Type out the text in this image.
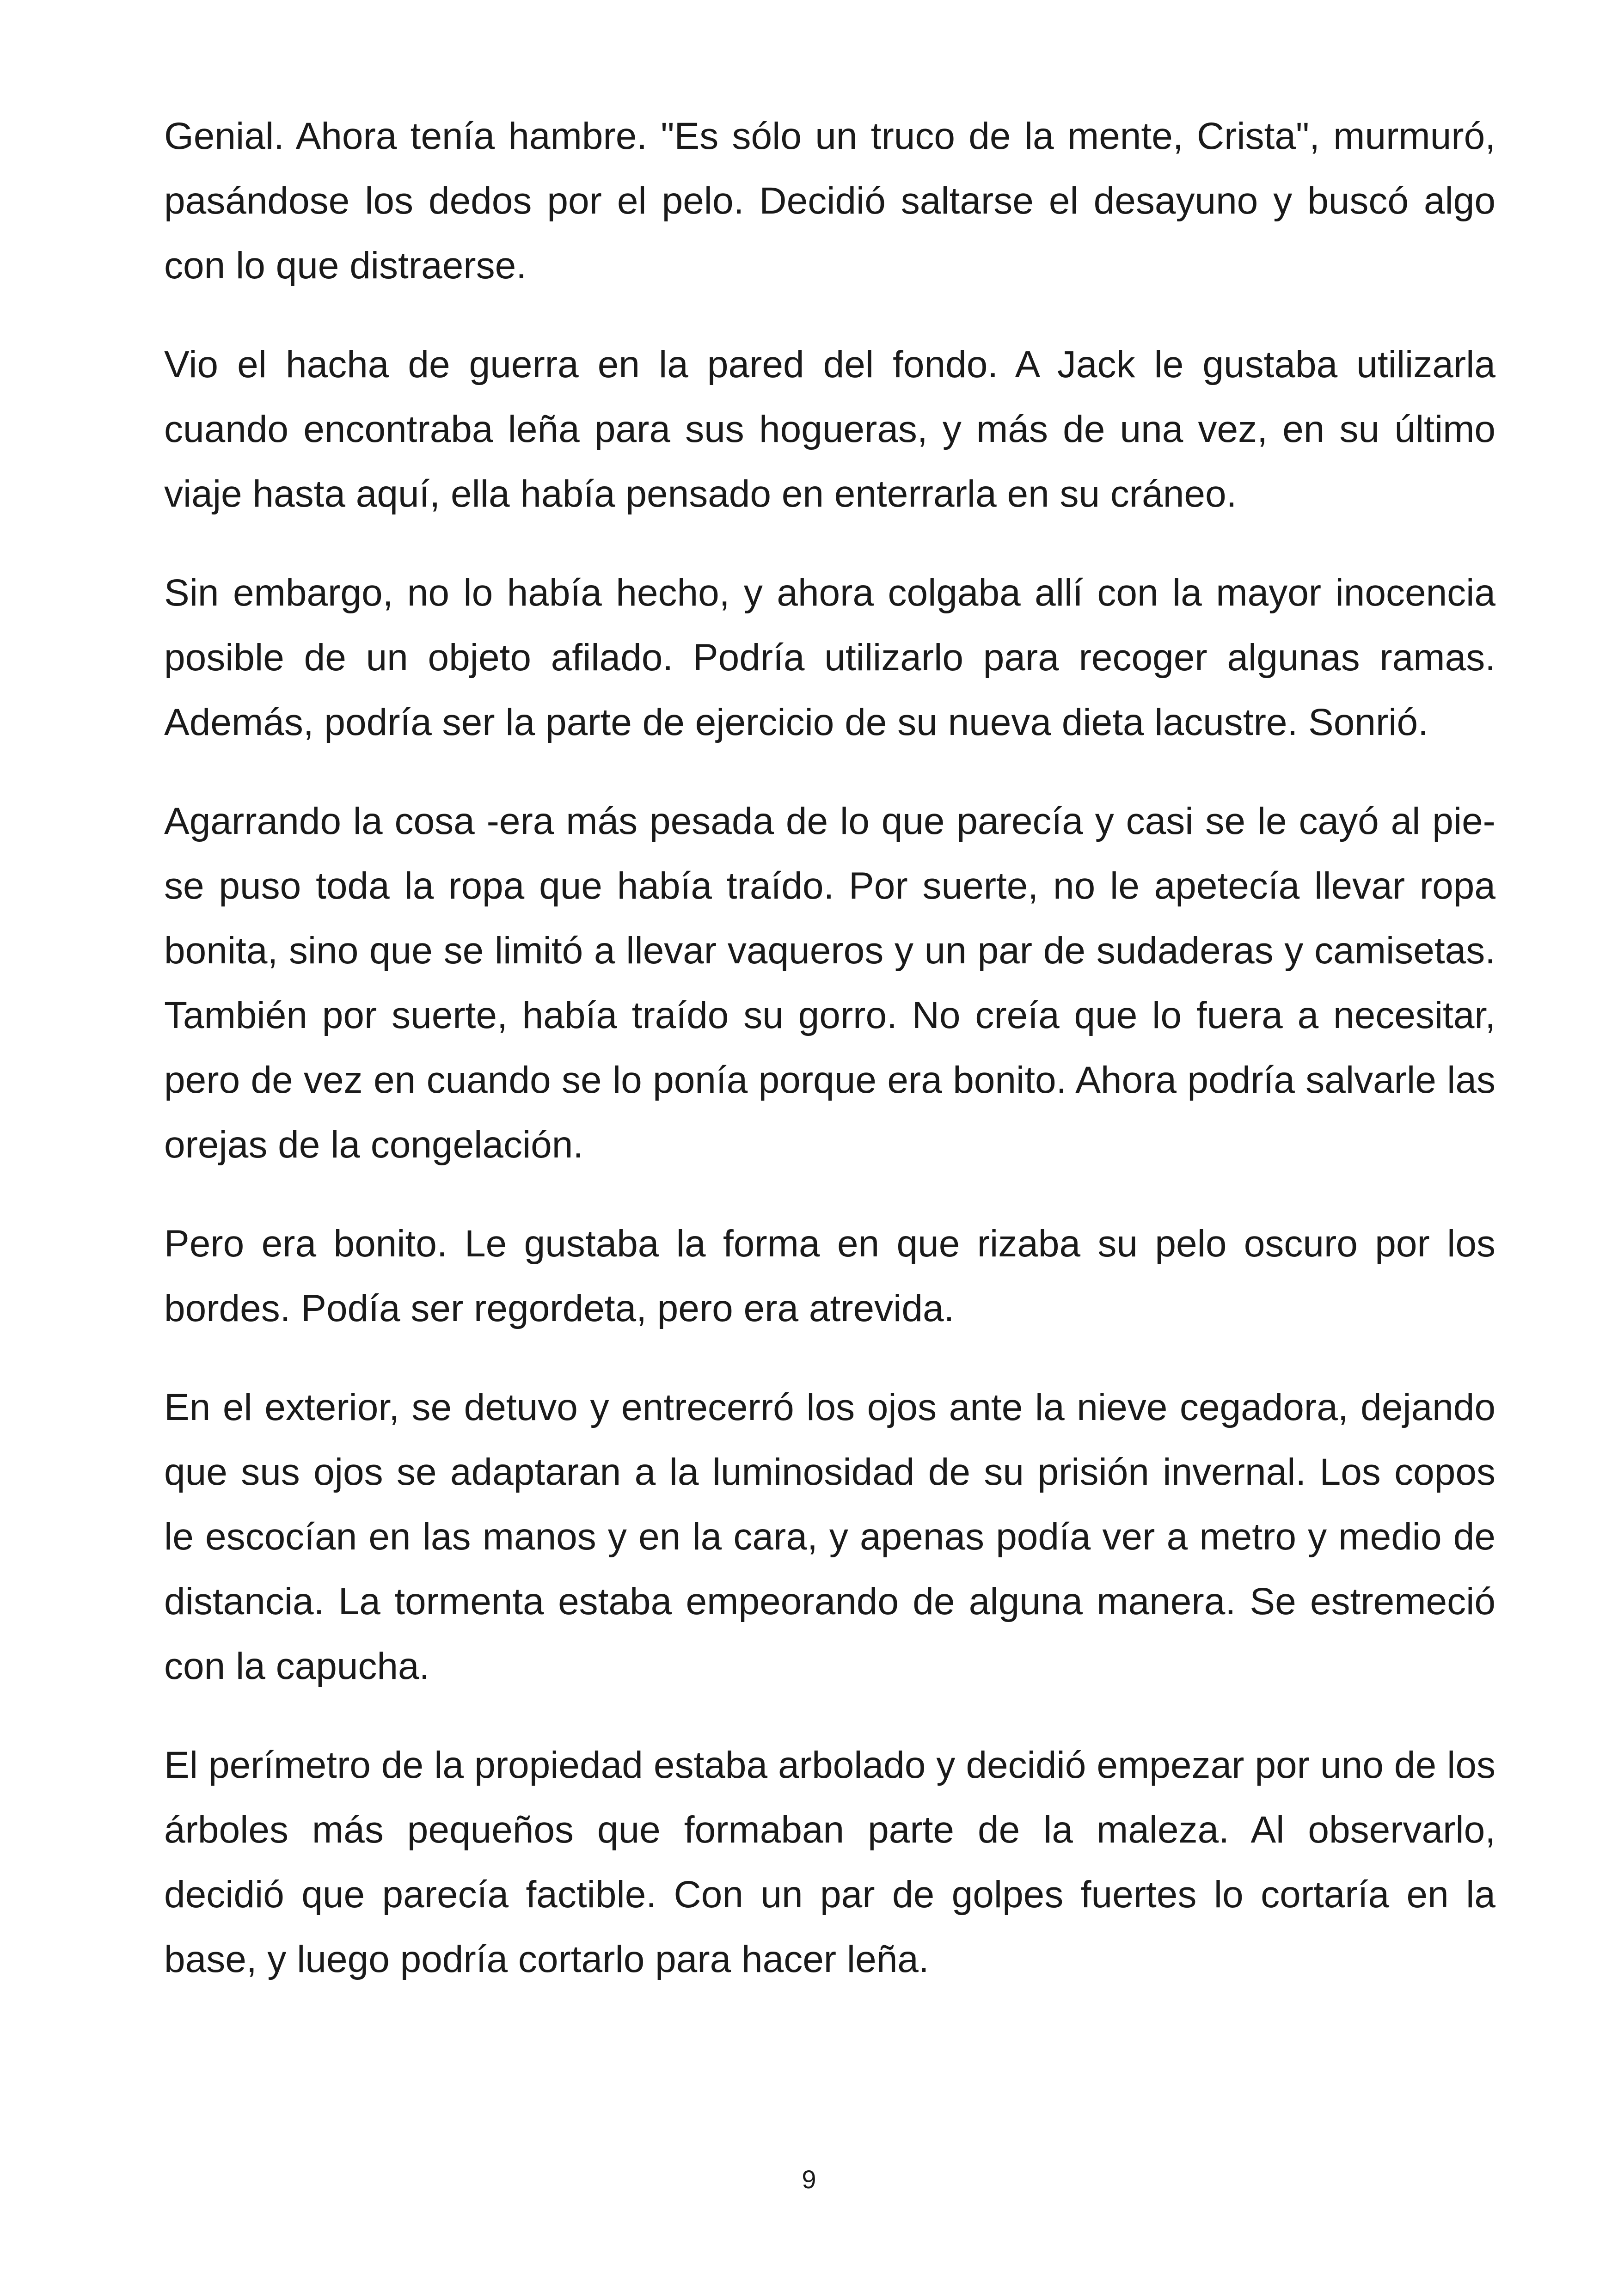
Genial. Ahora tenía hambre. "Es sólo un truco de la mente, Crista", murmuró, pasándose los dedos por el pelo. Decidió saltarse el desayuno y buscó algo con lo que distraerse.

Vio el hacha de guerra en la pared del fondo. A Jack le gustaba utilizarla cuando encontraba leña para sus hogueras, y más de una vez, en su último viaje hasta aquí, ella había pensado en enterrarla en su cráneo.

Sin embargo, no lo había hecho, y ahora colgaba allí con la mayor inocencia posible de un objeto afilado. Podría utilizarlo para recoger algunas ramas. Además, podría ser la parte de ejercicio de su nueva dieta lacustre. Sonrió.

Agarrando la cosa -era más pesada de lo que parecía y casi se le cayó al pie- se puso toda la ropa que había traído. Por suerte, no le apetecía llevar ropa bonita, sino que se limitó a llevar vaqueros y un par de sudaderas y camisetas. También por suerte, había traído su gorro. No creía que lo fuera a necesitar, pero de vez en cuando se lo ponía porque era bonito. Ahora podría salvarle las orejas de la congelación.

Pero era bonito. Le gustaba la forma en que rizaba su pelo oscuro por los bordes. Podía ser regordeta, pero era atrevida.

En el exterior, se detuvo y entrecerró los ojos ante la nieve cegadora, dejando que sus ojos se adaptaran a la luminosidad de su prisión invernal. Los copos le escocían en las manos y en la cara, y apenas podía ver a metro y medio de distancia. La tormenta estaba empeorando de alguna manera. Se estremeció con la capucha.

El perímetro de la propiedad estaba arbolado y decidió empezar por uno de los árboles más pequeños que formaban parte de la maleza. Al observarlo, decidió que parecía factible. Con un par de golpes fuertes lo cortaría en la base, y luego podría cortarlo para hacer leña.

9
